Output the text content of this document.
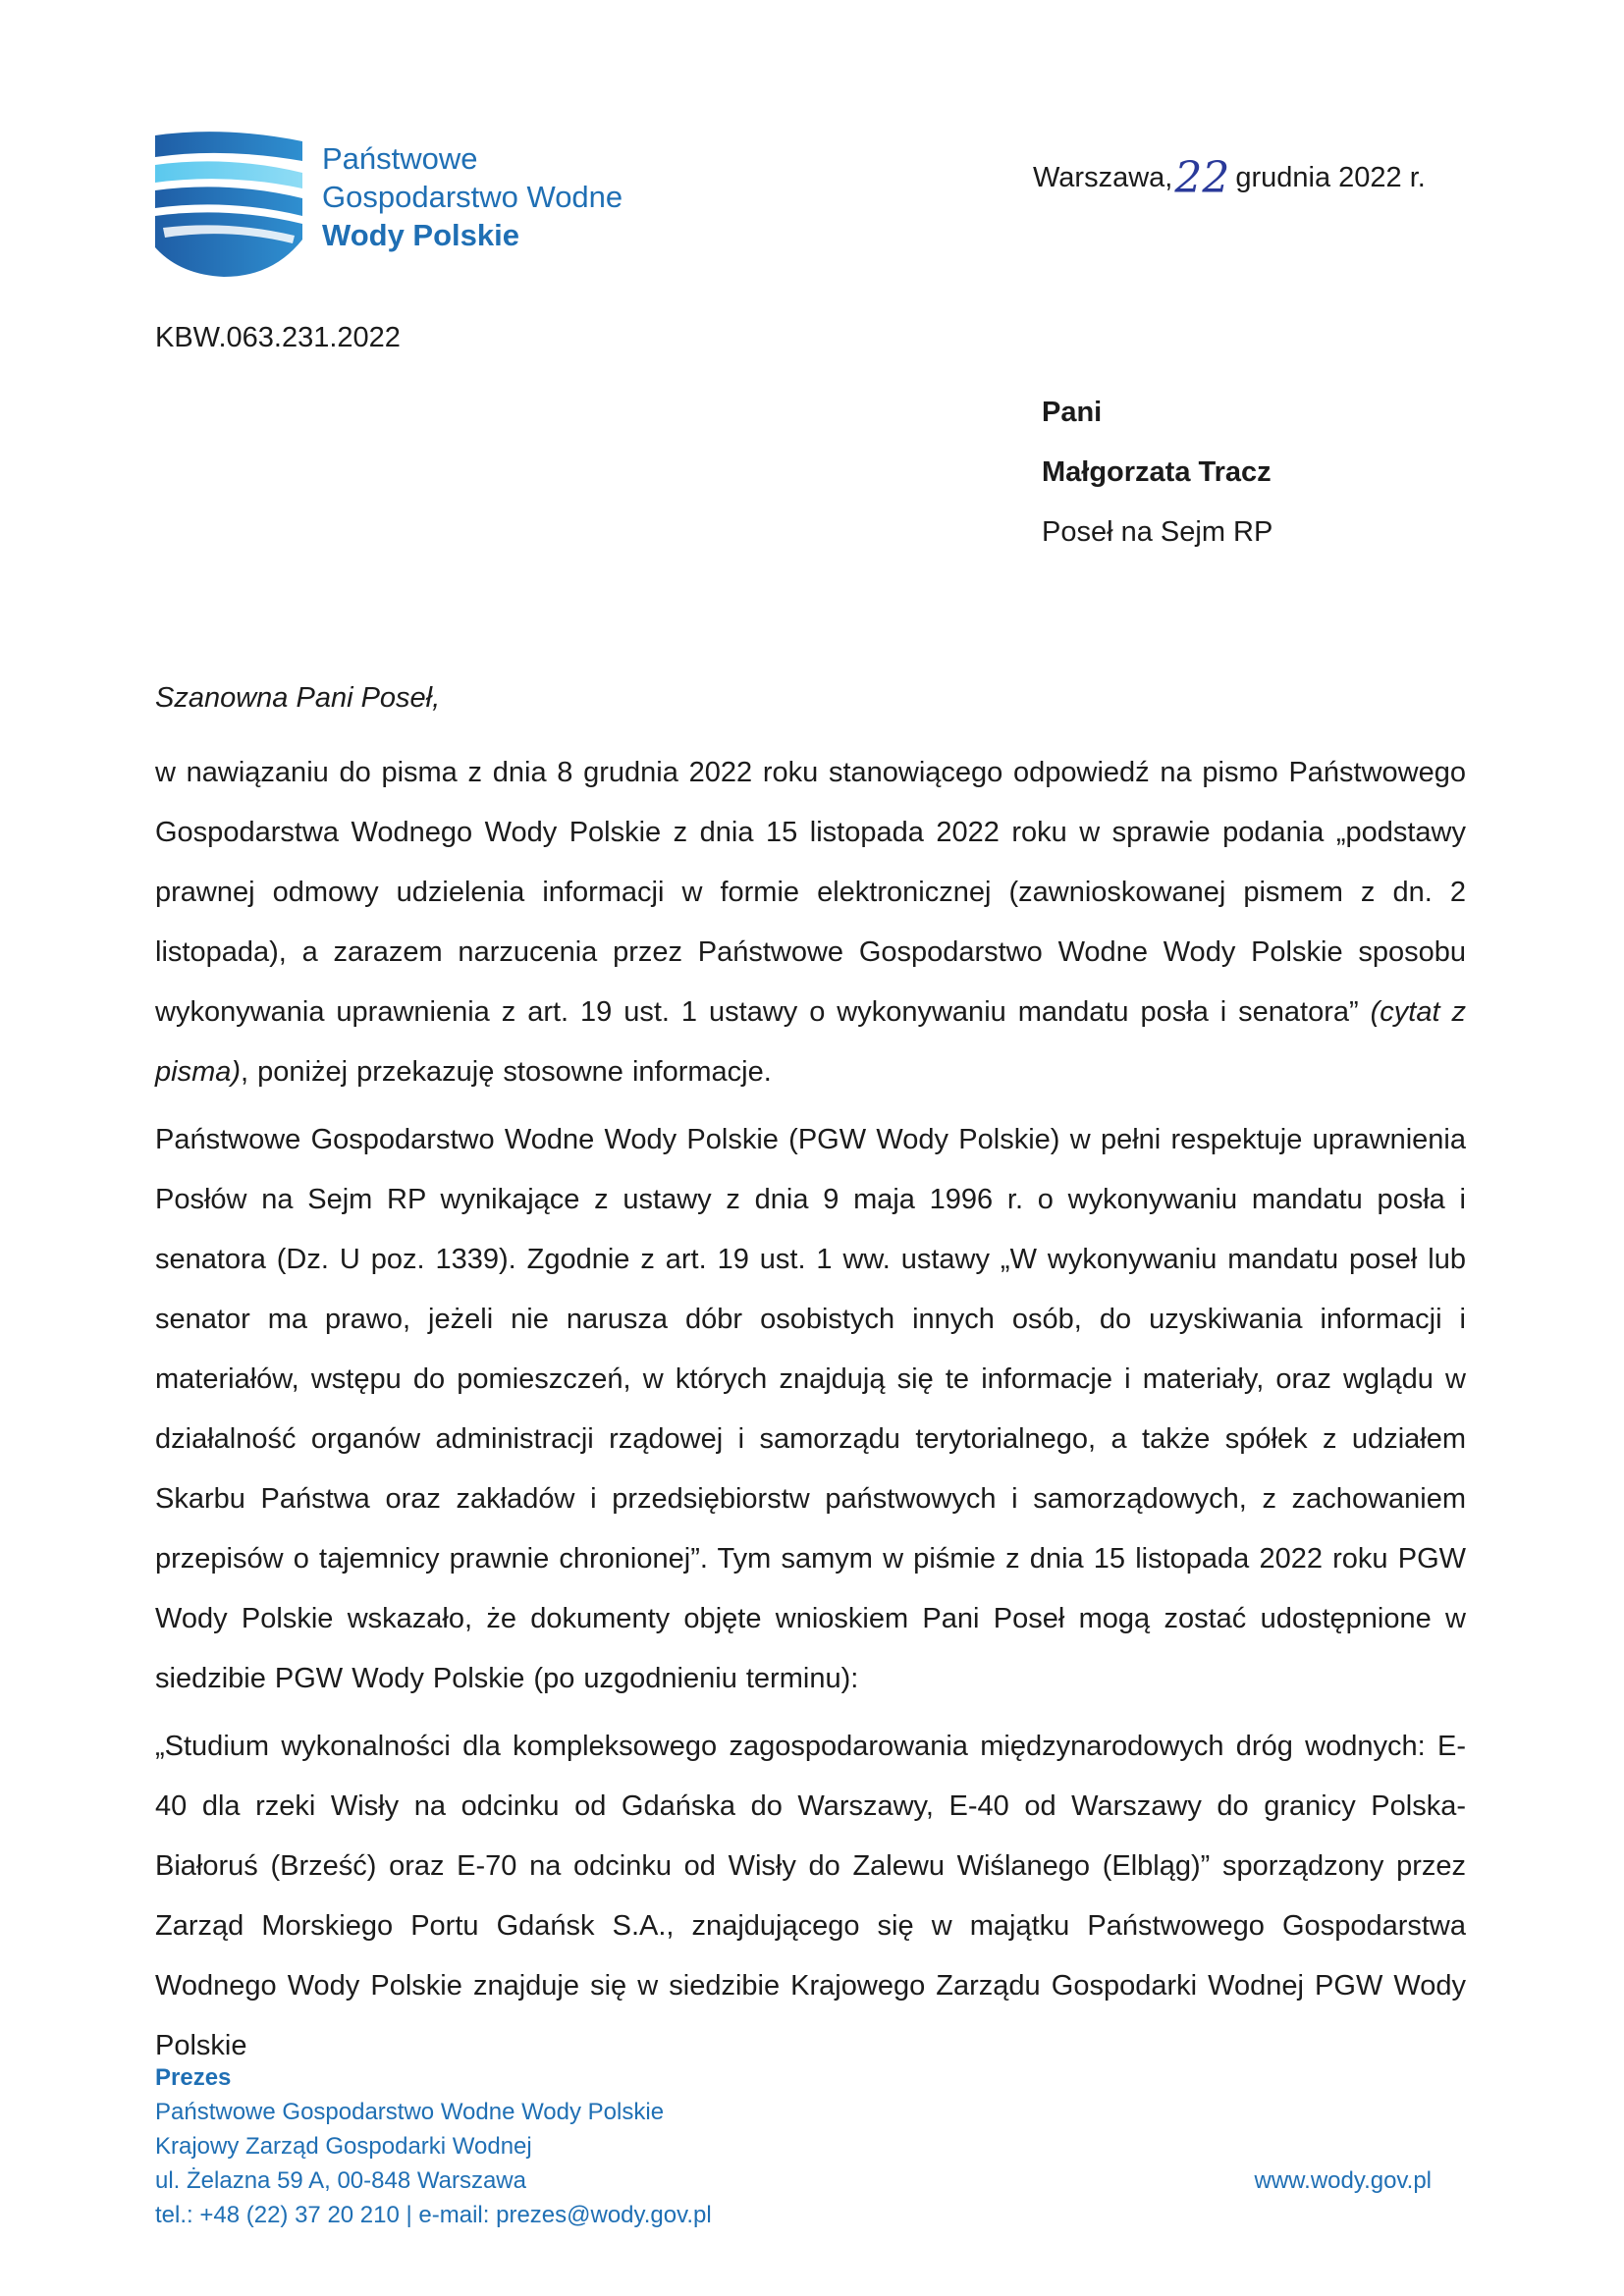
Państwowe
Gospodarstwo Wodne
Wody Polskie
Warszawa,22 grudnia 2022 r.
KBW.063.231.2022
Pani
Małgorzata Tracz
Poseł na Sejm RP
Szanowna Pani Poseł,

w nawiązaniu do pisma z dnia 8 grudnia 2022 roku stanowiącego odpowiedź na pismo Państwowego Gospodarstwa Wodnego Wody Polskie z dnia 15 listopada 2022 roku w sprawie podania „podstawy prawnej odmowy udzielenia informacji w formie elektronicznej (zawnioskowanej pismem z dn. 2 listopada), a zarazem narzucenia przez Państwowe Gospodarstwo Wodne Wody Polskie sposobu wykonywania uprawnienia z art. 19 ust. 1 ustawy o wykonywaniu mandatu posła i senatora” (cytat z pisma), poniżej przekazuję stosowne informacje.

Państwowe Gospodarstwo Wodne Wody Polskie (PGW Wody Polskie) w pełni respektuje uprawnienia Posłów na Sejm RP wynikające z ustawy z dnia 9 maja 1996 r. o wykonywaniu mandatu posła i senatora (Dz. U poz. 1339). Zgodnie z art. 19 ust. 1 ww. ustawy „W wykonywaniu mandatu poseł lub senator ma prawo, jeżeli nie narusza dóbr osobistych innych osób, do uzyskiwania informacji i materiałów, wstępu do pomieszczeń, w których znajdują się te informacje i materiały, oraz wglądu w działalność organów administracji rządowej i samorządu terytorialnego, a także spółek z udziałem Skarbu Państwa oraz zakładów i przedsiębiorstw państwowych i samorządowych, z zachowaniem przepisów o tajemnicy prawnie chronionej”. Tym samym w piśmie z dnia 15 listopada 2022 roku PGW Wody Polskie wskazało, że dokumenty objęte wnioskiem Pani Poseł mogą zostać udostępnione w siedzibie PGW Wody Polskie (po uzgodnieniu terminu):

„Studium wykonalności dla kompleksowego zagospodarowania międzynarodowych dróg wodnych: E-40 dla rzeki Wisły na odcinku od Gdańska do Warszawy, E-40 od Warszawy do granicy Polska-Białoruś (Brześć) oraz E-70 na odcinku od Wisły do Zalewu Wiślanego (Elbląg)” sporządzony przez Zarząd Morskiego Portu Gdańsk S.A., znajdującego się w majątku Państwowego Gospodarstwa Wodnego Wody Polskie znajduje się w siedzibie Krajowego Zarządu Gospodarki Wodnej PGW Wody Polskie

Prezes
Państwowe Gospodarstwo Wodne Wody Polskie
Krajowy Zarząd Gospodarki Wodnej
ul. Żelazna 59 A, 00-848 Warszawa
tel.: +48 (22) 37 20 210 | e-mail: prezes@wody.gov.pl
www.wody.gov.pl
